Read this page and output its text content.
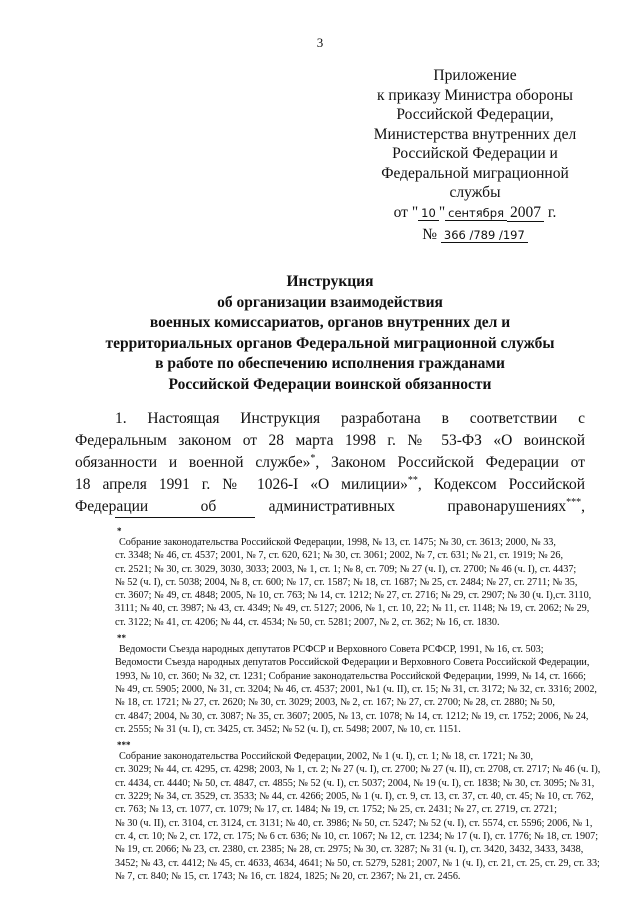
3
Приложение
к приказу Министра обороны
Российской Федерации,
Министерства внутренних дел
Российской Федерации и
Федеральной миграционной
службы
от " 10 " сентября 2007 г.
№ 366 /789 /197
Инструкция
об организации взаимодействия
военных комиссариатов, органов внутренних дел и
территориальных органов Федеральной миграционной службы
в работе по обеспечению исполнения гражданами
Российской Федерации воинской обязанности
1. Настоящая Инструкция разработана в соответствии с
Федеральным законом от 28 марта 1998 г. № 53-ФЗ «О воинской
обязанности и военной службе»*, Законом Российской Федерации от
18 апреля 1991 г. № 1026-I «О милиции»**, Кодексом Российской
Федерации об административных правонарушениях***,
*
Собрание законодательства Российской Федерации, 1998, № 13, ст. 1475; № 30, ст. 3613; 2000, № 33,
ст. 3348; № 46, ст. 4537; 2001, № 7, ст. 620, 621; № 30, ст. 3061; 2002, № 7, ст. 631; № 21, ст. 1919; № 26,
ст. 2521; № 30, ст. 3029, 3030, 3033; 2003, № 1, ст. 1; № 8, ст. 709; № 27 (ч. I), ст. 2700; № 46 (ч. I), ст. 4437;
№ 52 (ч. I), ст. 5038; 2004, № 8, ст. 600; № 17, ст. 1587; № 18, ст. 1687; № 25, ст. 2484; № 27, ст. 2711; № 35,
ст. 3607; № 49, ст. 4848; 2005, № 10, ст. 763; № 14, ст. 1212; № 27, ст. 2716; № 29, ст. 2907; № 30 (ч. I),ст. 3110,
3111; № 40, ст. 3987; № 43, ст. 4349; № 49, ст. 5127; 2006, № 1, ст. 10, 22; № 11, ст. 1148; № 19, ст. 2062; № 29,
ст. 3122; № 41, ст. 4206; № 44, ст. 4534; № 50, ст. 5281; 2007, № 2, ст. 362; № 16, ст. 1830.
**
Ведомости Съезда народных депутатов РСФСР и Верховного Совета РСФСР, 1991, № 16, ст. 503;
Ведомости Съезда народных депутатов Российской Федерации и Верховного Совета Российской Федерации,
1993, № 10, ст. 360; № 32, ст. 1231; Собрание законодательства Российской Федерации, 1999, № 14, ст. 1666;
№ 49, ст. 5905; 2000, № 31, ст. 3204; № 46, ст. 4537; 2001, №1 (ч. II), ст. 15; № 31, ст. 3172; № 32, ст. 3316; 2002,
№ 18, ст. 1721; № 27, ст. 2620; № 30, ст. 3029; 2003, № 2, ст. 167; № 27, ст. 2700; № 28, ст. 2880; № 50,
ст. 4847; 2004, № 30, ст. 3087; № 35, ст. 3607; 2005, № 13, ст. 1078; № 14, ст. 1212; № 19, ст. 1752; 2006, № 24,
ст. 2555; № 31 (ч. I), ст. 3425, ст. 3452; № 52 (ч. I), ст. 5498; 2007, № 10, ст. 1151.
***
Собрание законодательства Российской Федерации, 2002, № 1 (ч. I), ст. 1; № 18, ст. 1721; № 30,
ст. 3029; № 44, ст. 4295, ст. 4298; 2003, № 1, ст. 2; № 27 (ч. I), ст. 2700; № 27 (ч. II), ст. 2708, ст. 2717; № 46 (ч. I),
ст. 4434, ст. 4440; № 50, ст. 4847, ст. 4855; № 52 (ч. I), ст. 5037; 2004, № 19 (ч. I), ст. 1838; № 30, ст. 3095; № 31,
ст. 3229; № 34, ст. 3529, ст. 3533; № 44, ст. 4266; 2005, № 1 (ч. I), ст. 9, ст. 13, ст. 37, ст. 40, ст. 45; № 10, ст. 762,
ст. 763; № 13, ст. 1077, ст. 1079; № 17, ст. 1484; № 19, ст. 1752; № 25, ст. 2431; № 27, ст. 2719, ст. 2721;
№ 30 (ч. II), ст. 3104, ст. 3124, ст. 3131; № 40, ст. 3986; № 50, ст. 5247; № 52 (ч. I), ст. 5574, ст. 5596; 2006, № 1,
ст. 4, ст. 10; № 2, ст. 172, ст. 175; № 6 ст. 636; № 10, ст. 1067; № 12, ст. 1234; № 17 (ч. I), ст. 1776; № 18, ст. 1907;
№ 19, ст. 2066; № 23, ст. 2380, ст. 2385; № 28, ст. 2975; № 30, ст. 3287; № 31 (ч. I), ст. 3420, 3432, 3433, 3438,
3452; № 43, ст. 4412; № 45, ст. 4633, 4634, 4641; № 50, ст. 5279, 5281; 2007, № 1 (ч. I), ст. 21, ст. 25, ст. 29, ст. 33;
№ 7, ст. 840; № 15, ст. 1743; № 16, ст. 1824, 1825; № 20, ст. 2367; № 21, ст. 2456.
